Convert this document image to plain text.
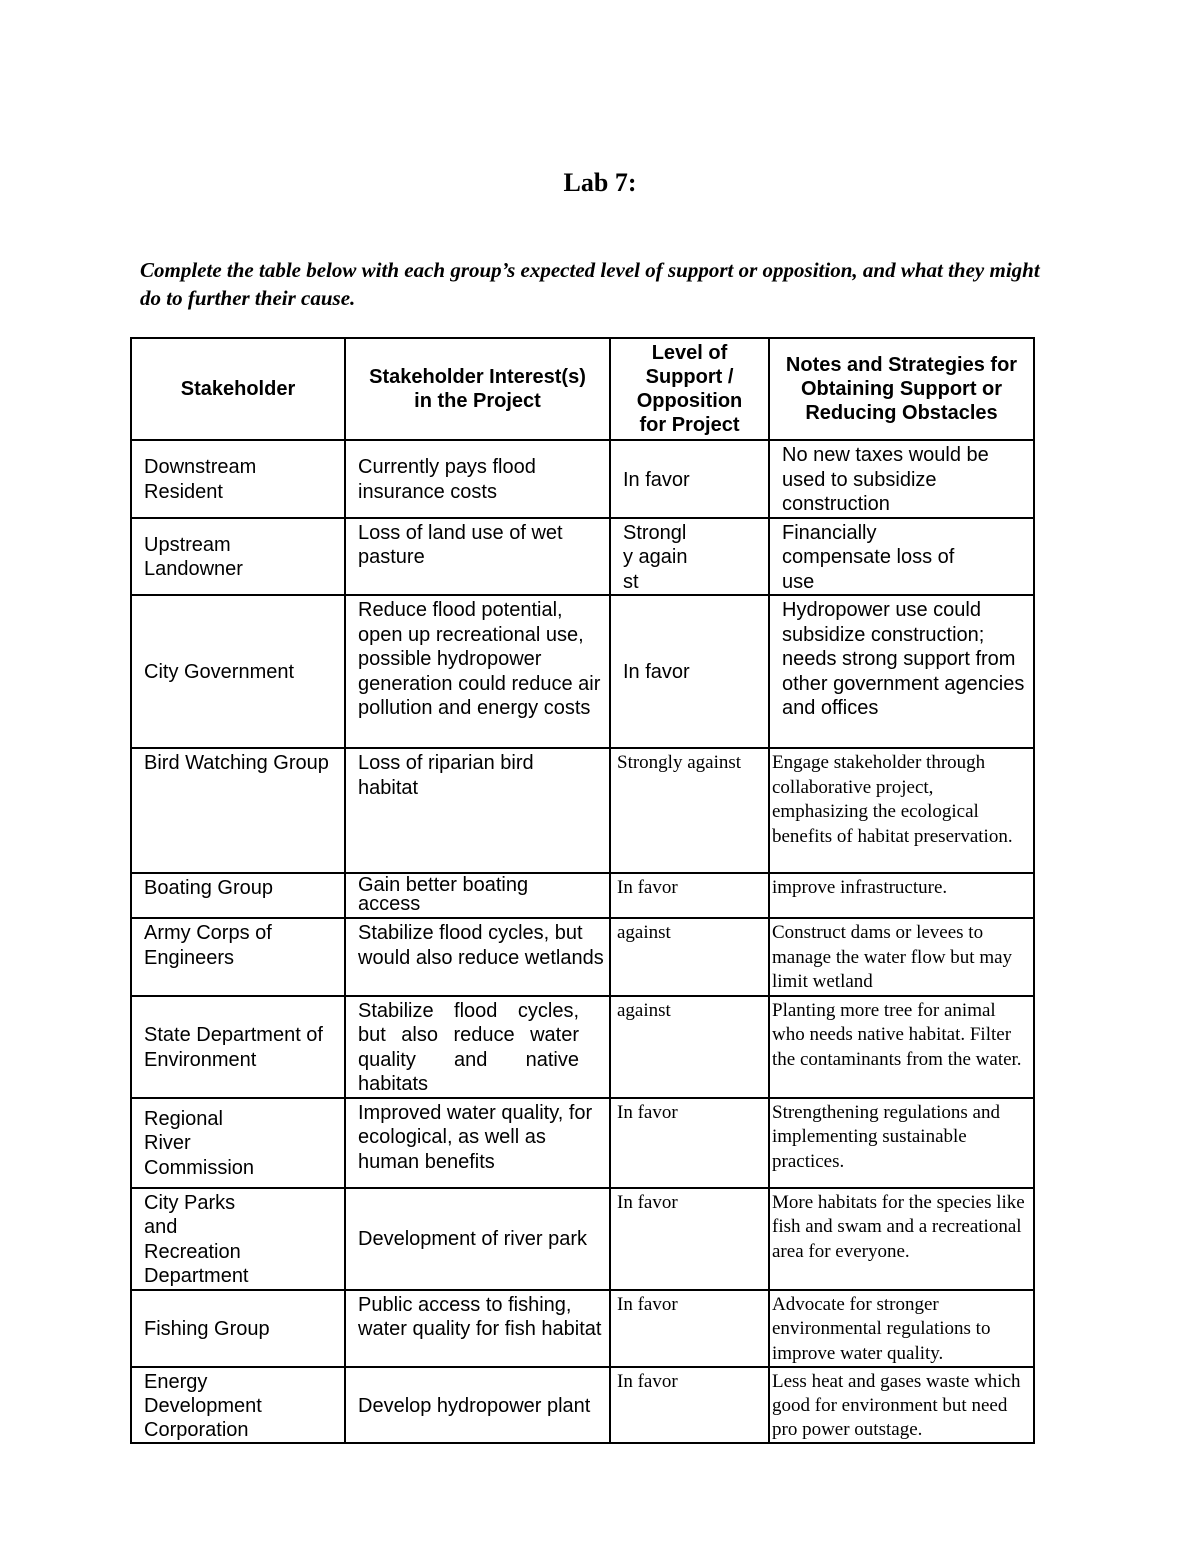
Lab 7:

Complete the table below with each group’s expected level of support or opposition, and what they might do to further their cause.

Stakeholder	Stakeholder Interest(s) in the Project	Level of Support / Opposition for Project	Notes and Strategies for Obtaining Support or Reducing Obstacles

Downstream Resident	Currently pays flood insurance costs	In favor	No new taxes would be used to subsidize construction

Upstream Landowner	Loss of land use of wet pasture	Strongly against	Financially compensate loss of use

City Government	Reduce flood potential, open up recreational use, possible hydropower generation could reduce air pollution and energy costs	In favor	Hydropower use could subsidize construction; needs strong support from other government agencies and offices

Bird Watching Group	Loss of riparian bird habitat	Strongly against	Engage stakeholder through collaborative project, emphasizing the ecological benefits of habitat preservation.

Boating Group	Gain better boating access	In favor	improve infrastructure.

Army Corps of Engineers	Stabilize flood cycles, but would also reduce wetlands	against	Construct dams or levees to manage the water flow but may limit wetland

State Department of Environment	Stabilize flood cycles, but also reduce water quality and native habitats	against	Planting more tree for animal who needs native habitat. Filter the contaminants from the water.

Regional River Commission	Improved water quality, for ecological, as well as human benefits	In favor	Strengthening regulations and implementing sustainable practices.

City Parks and Recreation Department	Development of river park	In favor	More habitats for the species like fish and swam and a recreational area for everyone.

Fishing Group	Public access to fishing, water quality for fish habitat	In favor	Advocate for stronger environmental regulations to improve water quality.

Energy Development Corporation	Develop hydropower plant	In favor	Less heat and gases waste which good for environment but need pro power outstage.
